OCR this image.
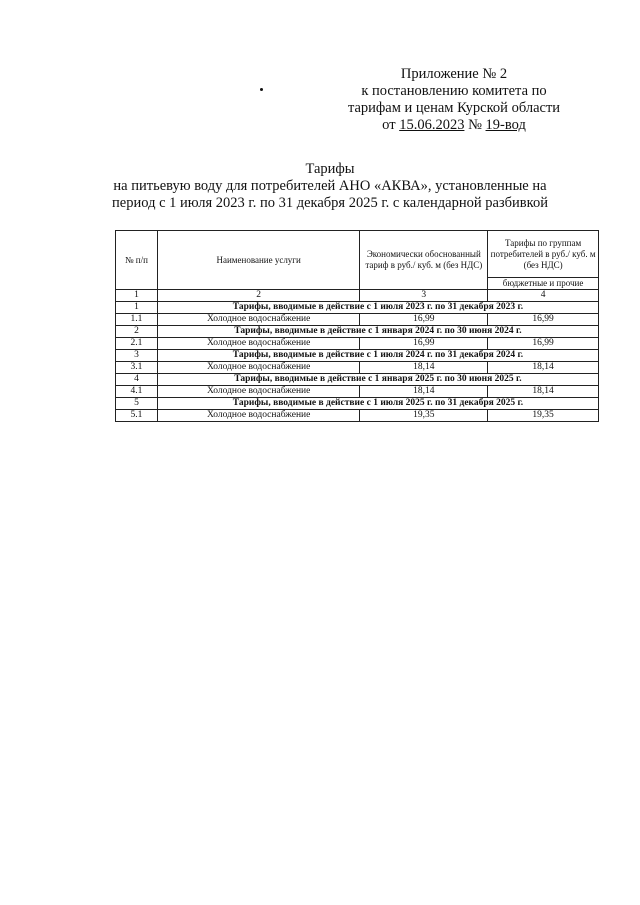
Приложение № 2
к постановлению комитета по
тарифам и ценам Курской области
от 15.06.2023 № 19-вод
Тарифы
на питьевую воду для потребителей АНО «АКВА», установленные на
период с 1 июля 2023 г. по 31 декабря 2025 г. с календарной разбивкой
№ п/п	Наименование услуги	Экономически обоснованный тариф в руб./ куб. м (без НДС)	Тарифы по группам потребителей в руб./ куб. м (без НДС)
			бюджетные и прочие
1	2	3	4
1	Тарифы, вводимые в действие с 1 июля 2023 г. по 31 декабря 2023 г.		
1.1	Холодное водоснабжение	16,99	16,99
2	Тарифы, вводимые в действие с 1 января 2024 г. по 30 июня 2024 г.		
2.1	Холодное водоснабжение	16,99	16,99
3	Тарифы, вводимые в действие с 1 июля 2024 г. по 31 декабря 2024 г.		
3.1	Холодное водоснабжение	18,14	18,14
4	Тарифы, вводимые в действие с 1 января 2025 г. по 30 июня 2025 г.		
4.1	Холодное водоснабжение	18,14	18,14
5	Тарифы, вводимые в действие с 1 июля 2025 г. по 31 декабря 2025 г.		
5.1	Холодное водоснабжение	19,35	19,35
